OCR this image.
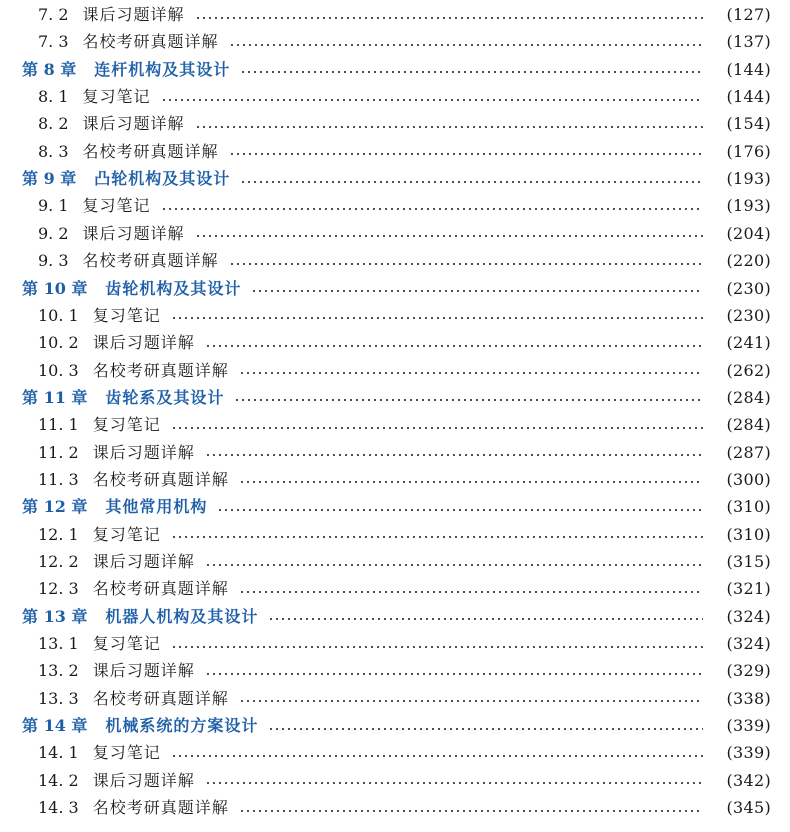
7. 2 课后习题详解	(127)
7. 3 名校考研真题详解	(137)
第 8 章	连杆机构及其设计	(144)
8. 1 复习笔记	(144)
8. 2 课后习题详解	(154)
8. 3 名校考研真题详解	(176)
第 9 章	凸轮机构及其设计	(193)
9. 1 复习笔记	(193)
9. 2 课后习题详解	(204)
9. 3 名校考研真题详解	(220)
第 10 章	齿轮机构及其设计	(230)
10. 1 复习笔记	(230)
10. 2 课后习题详解	(241)
10. 3 名校考研真题详解	(262)
第 11 章	齿轮系及其设计	(284)
11. 1 复习笔记	(284)
11. 2 课后习题详解	(287)
11. 3 名校考研真题详解	(300)
第 12 章	其他常用机构	(310)
12. 1 复习笔记	(310)
12. 2 课后习题详解	(315)
12. 3 名校考研真题详解	(321)
第 13 章	机器人机构及其设计	(324)
13. 1 复习笔记	(324)
13. 2 课后习题详解	(329)
13. 3 名校考研真题详解	(338)
第 14 章	机械系统的方案设计	(339)
14. 1 复习笔记	(339)
14. 2 课后习题详解	(342)
14. 3 名校考研真题详解	(345)
